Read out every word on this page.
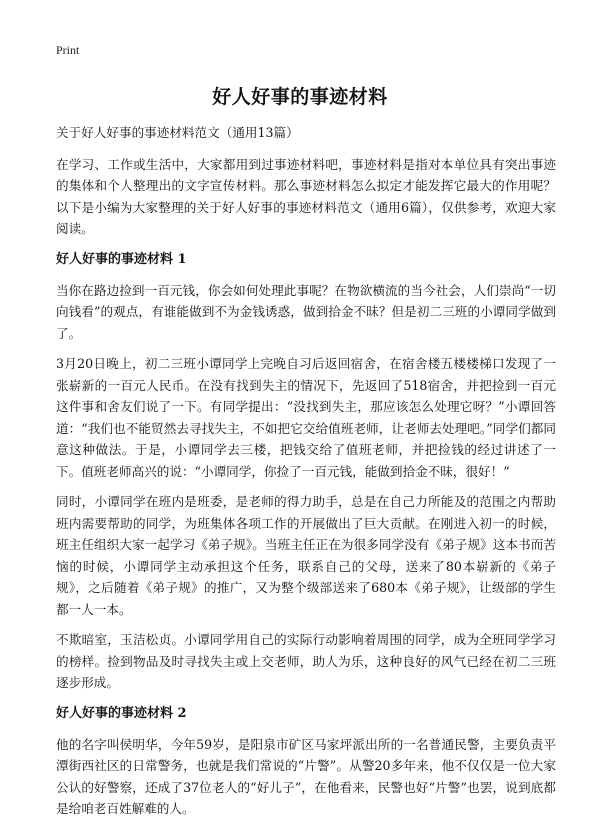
Print
好人好事的事迹材料

关于好人好事的事迹材料范文（通用13篇）

在学习、工作或生活中，大家都用到过事迹材料吧，事迹材料是指对本单位具有突出事迹的集体和个人整理出的文字宣传材料。那么事迹材料怎么拟定才能发挥它最大的作用呢？以下是小编为大家整理的关于好人好事的事迹材料范文（通用6篇），仅供参考，欢迎大家阅读。

好人好事的事迹材料 1

当你在路边捡到一百元钱，你会如何处理此事呢？在物欲横流的当今社会，人们崇尚“一切向钱看”的观点，有谁能做到不为金钱诱惑，做到拾金不昧？但是初二三班的小谭同学做到了。

3月20日晚上，初二三班小谭同学上完晚自习后返回宿舍，在宿舍楼五楼楼梯口发现了一张崭新的一百元人民币。在没有找到失主的情况下，先返回了518宿舍，并把捡到一百元这件事和舍友们说了一下。有同学提出：“没找到失主，那应该怎么处理它呀？”小谭回答道：“我们也不能贸然去寻找失主，不如把它交给值班老师，让老师去处理吧。”同学们都同意这种做法。于是，小谭同学去三楼，把钱交给了值班老师，并把捡钱的经过讲述了一下。值班老师高兴的说：“小谭同学，你捡了一百元钱，能做到拾金不昧，很好！”

同时，小谭同学在班内是班委，是老师的得力助手，总是在自己力所能及的范围之内帮助班内需要帮助的同学，为班集体各项工作的开展做出了巨大贡献。在刚进入初一的时候，班主任组织大家一起学习《弟子规》。当班主任正在为很多同学没有《弟子规》这本书而苦恼的时候，小谭同学主动承担这个任务，联系自己的父母，送来了80本崭新的《弟子规》，之后随着《弟子规》的推广，又为整个级部送来了680本《弟子规》，让级部的学生都一人一本。

不欺暗室，玉洁松贞。小谭同学用自己的实际行动影响着周围的同学，成为全班同学学习的榜样。捡到物品及时寻找失主或上交老师，助人为乐，这种良好的风气已经在初二三班逐步形成。

好人好事的事迹材料 2

他的名字叫侯明华，今年59岁，是阳泉市矿区马家坪派出所的一名普通民警，主要负责平潭街西社区的日常警务，也就是我们常说的“片警”。从警20多年来，他不仅仅是一位大家公认的好警察，还成了37位老人的“好儿子”，在他看来，民警也好“片警”也罢，说到底都是给咱老百姓解难的人。
